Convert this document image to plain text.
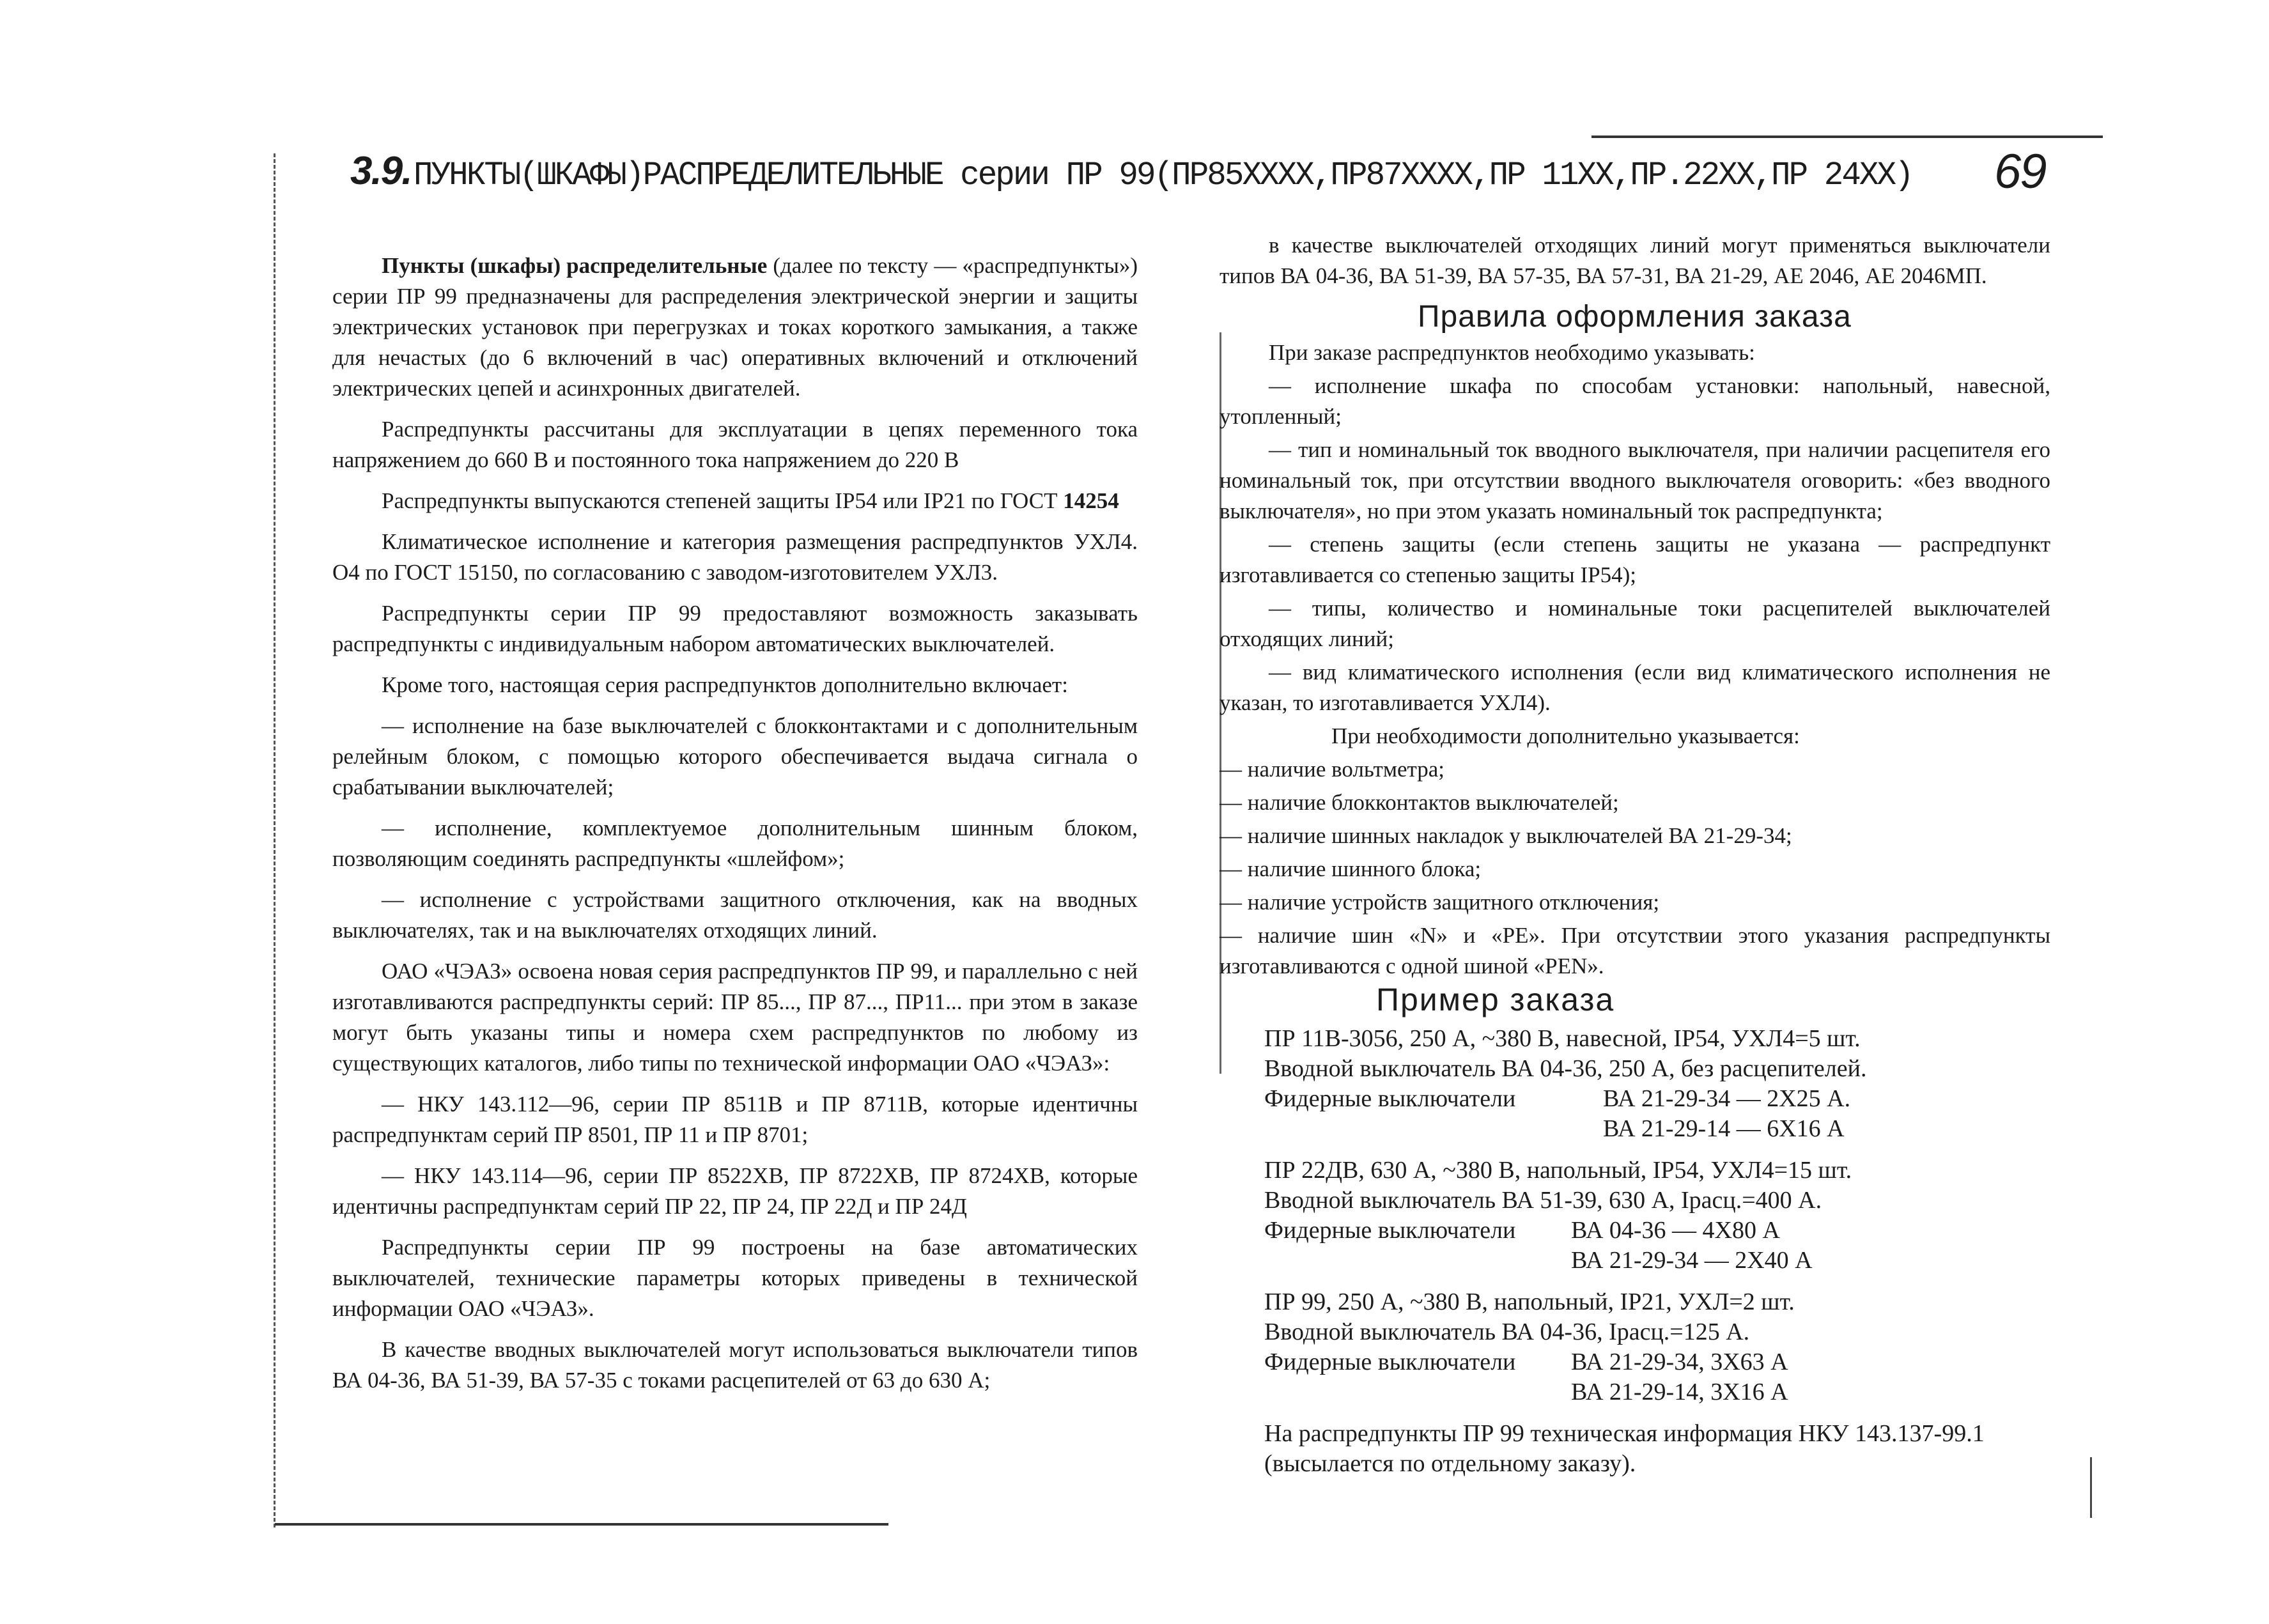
3.9. ПУНКТЫ(ШКАФЫ)РАСПРЕДЕЛИТЕЛЬНЫЕ серии ПР 99(ПР85ХХХХ,ПР87ХХХХ,ПР 11ХХ,ПР.22ХХ,ПР 24ХХ) 69

Пункты (шкафы) распределительные (далее по тексту — «распредпункты») серии ПР 99 предназначены для распределения электрической энергии и защиты электрических установок при перегрузках и токах короткого замыкания, а также для нечастых (до 6 включений в час) оперативных включений и отключений электрических цепей и асинхронных двигателей.

Распредпункты рассчитаны для эксплуатации в цепях переменного тока напряжением до 660 В и постоянного тока напряжением до 220 В

Распредпункты выпускаются степеней защиты IP54 или IP21 по ГОСТ 14254

Климатическое исполнение и категория размещения распредпунктов УХЛ4. О4 по ГОСТ 15150, по согласованию с заводом-изготовителем УХЛ3.

Распредпункты серии ПР 99 предоставляют возможность заказывать распредпункты с индивидуальным набором автоматических выключателей.

Кроме того, настоящая серия распредпунктов дополнительно включает:

— исполнение на базе выключателей с блокконтактами и с дополнительным релейным блоком, с помощью которого обеспечивается выдача сигнала о срабатывании выключателей;

— исполнение, комплектуемое дополнительным шинным блоком, позволяющим соединять распредпункты «шлейфом»;

— исполнение с устройствами защитного отключения, как на вводных выключателях, так и на выключателях отходящих линий.

ОАО «ЧЭАЗ» освоена новая серия распредпунктов ПР 99, и параллельно с ней изготавливаются распредпункты серий: ПР 85..., ПР 87..., ПР11... при этом в заказе могут быть указаны типы и номера схем распредпунктов по любому из существующих каталогов, либо типы по технической информации ОАО «ЧЭАЗ»:

— НКУ 143.112—96, серии ПР 8511В и ПР 8711В, которые идентичны распредпунктам серий ПР 8501, ПР 11 и ПР 8701;

— НКУ 143.114—96, серии ПР 8522ХВ, ПР 8722ХВ, ПР 8724ХВ, которые идентичны распредпунктам серий ПР 22, ПР 24, ПР 22Д и ПР 24Д

Распредпункты серии ПР 99 построены на базе автоматических выключателей, технические параметры которых приведены в технической информации ОАО «ЧЭАЗ».

В качестве вводных выключателей могут использоваться выключатели типов ВА 04-36, ВА 51-39, ВА 57-35 с токами расцепителей от 63 до 630 А;

в качестве выключателей отходящих линий могут применяться выключатели типов ВА 04-36, ВА 51-39, ВА 57-35, ВА 57-31, ВА 21-29, АЕ 2046, АЕ 2046МП.

Правила оформления заказа

При заказе распредпунктов необходимо указывать:

— исполнение шкафа по способам установки: напольный, навесной, утопленный;

— тип и номинальный ток вводного выключателя, при наличии расцепителя его номинальный ток, при отсутствии вводного выключателя оговорить: «без вводного выключателя», но при этом указать номинальный ток распредпункта;

— степень защиты (если степень защиты не указана — распредпункт изготавливается со степенью защиты IP54);

— типы, количество и номинальные токи расцепителей выключателей отходящих линий;

— вид климатического исполнения (если вид климатического исполнения не указан, то изготавливается УХЛ4).

При необходимости дополнительно указывается:

— наличие вольтметра;

— наличие блокконтактов выключателей;

— наличие шинных накладок у выключателей ВА 21-29-34;

— наличие шинного блока;

— наличие устройств защитного отключения;

— наличие шин «N» и «PE». При отсутствии этого указания распредпункты изготавливаются с одной шиной «PEN».

Пример заказа
ПР 11В-3056, 250 А, ~380 В, навесной, IP54, УХЛ4=5 шт.
Вводной выключатель ВА 04-36, 250 А, без расцепителей.
Фидерные выключатели	ВА 21-29-34 — 2Х25 А.
ВА 21-29-14 — 6Х16 А
ПР 22ДВ, 630 А, ~380 В, напольный, IP54, УХЛ4=15 шт.
Вводной выключатель ВА 51-39, 630 А, Iрасц.=400 А.
Фидерные выключатели ВА 04-36 — 4Х80 А
ВА 21-29-34 — 2Х40 А
ПР 99, 250 А, ~380 В, напольный, IP21, УХЛ=2 шт.
Вводной выключатель ВА 04-36, Iрасц.=125 А.
Фидерные выключатели ВА 21-29-34, 3Х63 А
ВА 21-29-14, 3Х16 А
На распредпункты ПР 99 техническая информация НКУ 143.137-99.1 (высылается по отдельному заказу).
